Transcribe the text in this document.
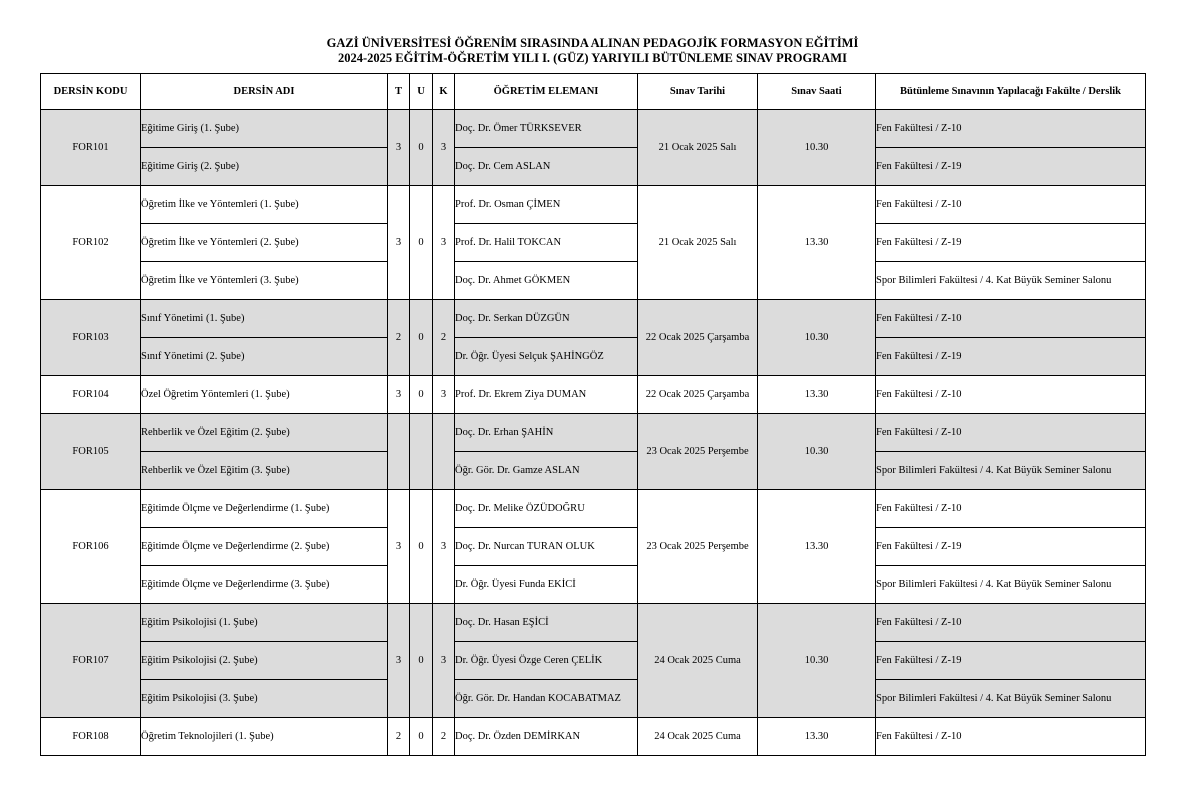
GAZİ ÜNİVERSİTESİ ÖĞRENİM SIRASINDA ALINAN PEDAGOJİK FORMASYON EĞİTİMİ
2024-2025 EĞİTİM-ÖĞRETİM YILI I. (GÜZ) YARIYILI BÜTÜNLEME SINAV PROGRAMI
DERSİN KODU	DERSİN ADI	T	U	K	ÖĞRETİM ELEMANI	Sınav Tarihi	Sınav Saati	Bütünleme Sınavının Yapılacağı Fakülte / Derslik
FOR101	Eğitime Giriş (1. Şube)	3	0	3	Doç. Dr. Ömer TÜRKSEVER	21 Ocak 2025 Salı	10.30	Fen Fakültesi / Z-10
	Eğitime Giriş (2. Şube)				Doç. Dr. Cem ASLAN			Fen Fakültesi / Z-19
FOR102	Öğretim İlke ve Yöntemleri (1. Şube)	3	0	3	Prof. Dr. Osman ÇİMEN	21 Ocak 2025 Salı	13.30	Fen Fakültesi / Z-10
	Öğretim İlke ve Yöntemleri (2. Şube)				Prof. Dr. Halil TOKCAN			Fen Fakültesi / Z-19
	Öğretim İlke ve Yöntemleri (3. Şube)				Doç. Dr. Ahmet GÖKMEN			Spor Bilimleri Fakültesi / 4. Kat Büyük Seminer Salonu
FOR103	Sınıf Yönetimi (1. Şube)	2	0	2	Doç. Dr. Serkan DÜZGÜN	22 Ocak 2025 Çarşamba	10.30	Fen Fakültesi / Z-10
	Sınıf Yönetimi (2. Şube)				Dr. Öğr. Üyesi Selçuk ŞAHİNGÖZ			Fen Fakültesi / Z-19
FOR104	Özel Öğretim Yöntemleri (1. Şube)	3	0	3	Prof. Dr. Ekrem Ziya DUMAN	22 Ocak 2025 Çarşamba	13.30	Fen Fakültesi / Z-10
FOR105	Rehberlik ve Özel Eğitim (2. Şube)				Doç. Dr. Erhan ŞAHİN	23 Ocak 2025 Perşembe	10.30	Fen Fakültesi / Z-10
	Rehberlik ve Özel Eğitim (3. Şube)				Öğr. Gör. Dr. Gamze ASLAN			Spor Bilimleri Fakültesi / 4. Kat Büyük Seminer Salonu
FOR106	Eğitimde Ölçme ve Değerlendirme (1. Şube)	3	0	3	Doç. Dr. Melike ÖZÜDOĞRU	23 Ocak 2025 Perşembe	13.30	Fen Fakültesi / Z-10
	Eğitimde Ölçme ve Değerlendirme (2. Şube)				Doç. Dr. Nurcan TURAN OLUK			Fen Fakültesi / Z-19
	Eğitimde Ölçme ve Değerlendirme (3. Şube)				Dr. Öğr. Üyesi Funda EKİCİ			Spor Bilimleri Fakültesi / 4. Kat Büyük Seminer Salonu
FOR107	Eğitim Psikolojisi (1. Şube)	3	0	3	Doç. Dr. Hasan EŞİCİ	24 Ocak 2025 Cuma	10.30	Fen Fakültesi / Z-10
	Eğitim Psikolojisi (2. Şube)				Dr. Öğr. Üyesi Özge Ceren ÇELİK			Fen Fakültesi / Z-19
	Eğitim Psikolojisi (3. Şube)				Öğr. Gör. Dr. Handan KOCABATMAZ			Spor Bilimleri Fakültesi / 4. Kat Büyük Seminer Salonu
FOR108	Öğretim Teknolojileri (1. Şube)	2	0	2	Doç. Dr. Özden DEMİRKAN	24 Ocak 2025 Cuma	13.30	Fen Fakültesi / Z-10
